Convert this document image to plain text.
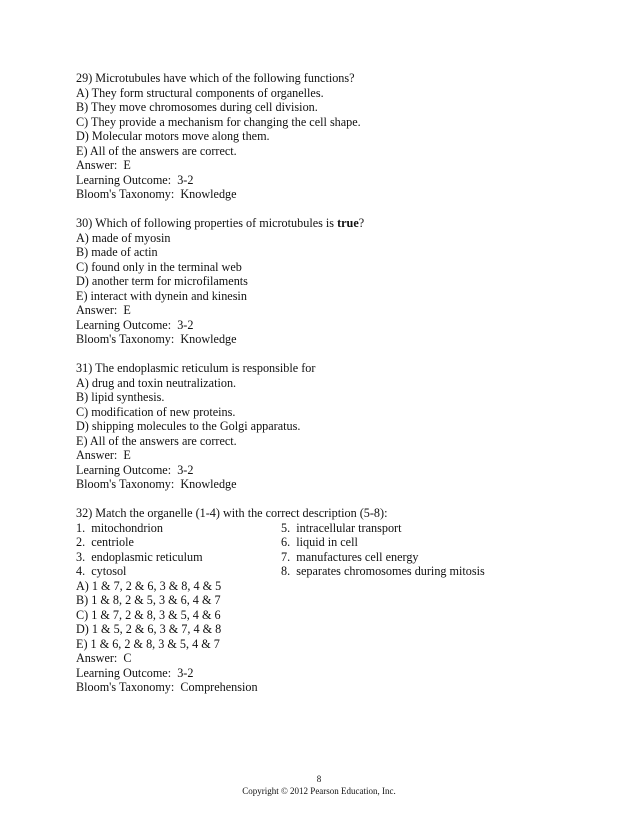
29) Microtubules have which of the following functions?
A) They form structural components of organelles.
B) They move chromosomes during cell division.
C) They provide a mechanism for changing the cell shape.
D) Molecular motors move along them.
E) All of the answers are correct.
Answer:  E
Learning Outcome:  3-2
Bloom's Taxonomy:  Knowledge
30) Which of following properties of microtubules is true?
A) made of myosin
B) made of actin
C) found only in the terminal web
D) another term for microfilaments
E) interact with dynein and kinesin
Answer:  E
Learning Outcome:  3-2
Bloom's Taxonomy:  Knowledge
31) The endoplasmic reticulum is responsible for
A) drug and toxin neutralization.
B) lipid synthesis.
C) modification of new proteins.
D) shipping molecules to the Golgi apparatus.
E) All of the answers are correct.
Answer:  E
Learning Outcome:  3-2
Bloom's Taxonomy:  Knowledge
32) Match the organelle (1-4) with the correct description (5-8):
1.  mitochondrion	5.  intracellular transport
2.  centriole	6.  liquid in cell
3.  endoplasmic reticulum	7.  manufactures cell energy
4.  cytosol	8.  separates chromosomes during mitosis
A) 1 & 7, 2 & 6, 3 & 8, 4 & 5
B) 1 & 8, 2 & 5, 3 & 6, 4 & 7
C) 1 & 7, 2 & 8, 3 & 5, 4 & 6
D) 1 & 5, 2 & 6, 3 & 7, 4 & 8
E) 1 & 6, 2 & 8, 3 & 5, 4 & 7
Answer:  C
Learning Outcome:  3-2
Bloom's Taxonomy:  Comprehension
8
Copyright © 2012 Pearson Education, Inc.
